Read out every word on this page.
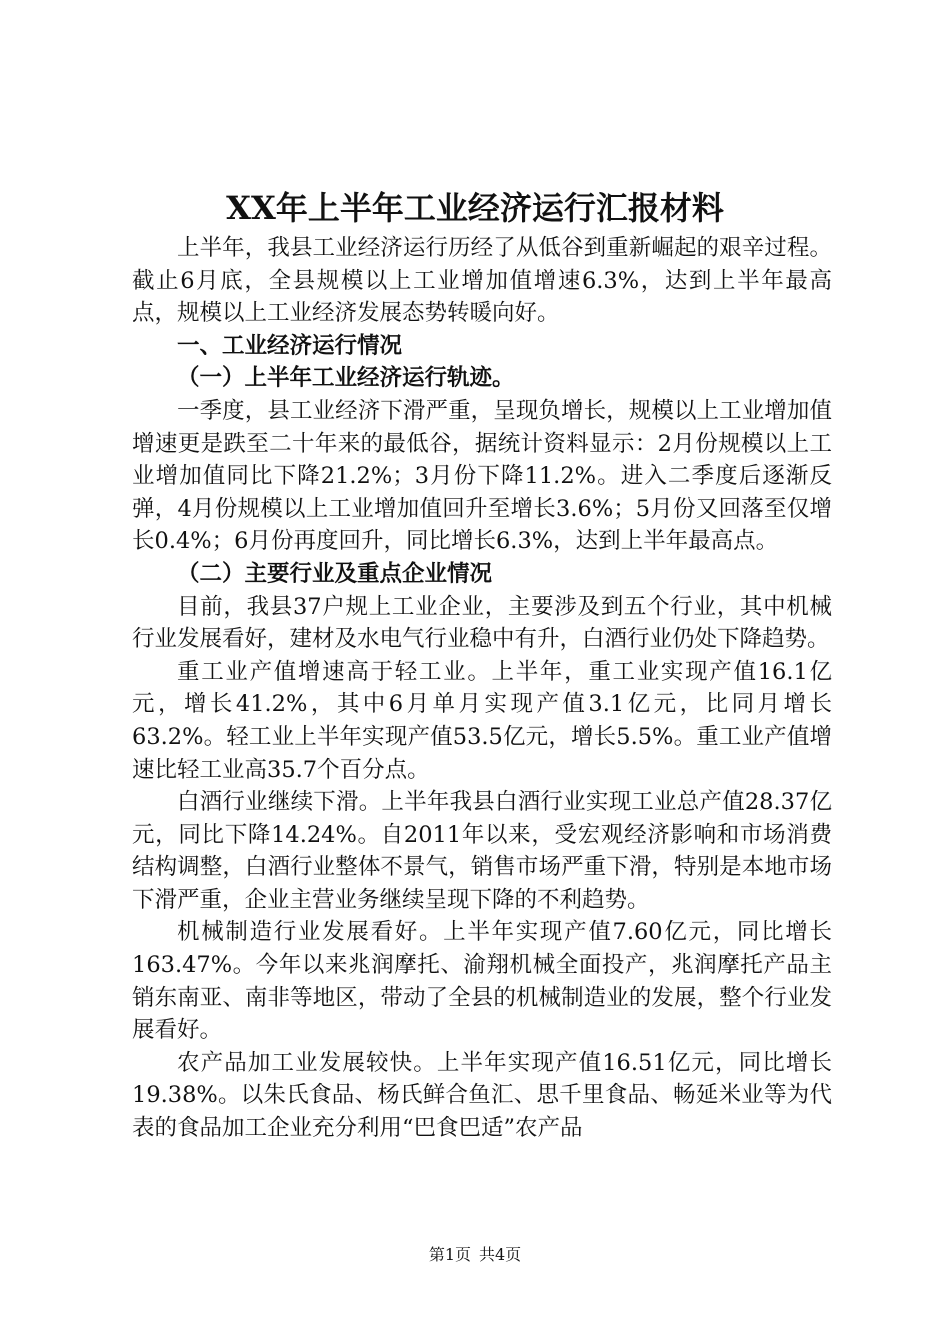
XX年上半年工业经济运行汇报材料

上半年，我县工业经济运行历经了从低谷到重新崛起的艰辛过程。截止6月底，全县规模以上工业增加值增速6.3%，达到上半年最高点，规模以上工业经济发展态势转暖向好。

一、工业经济运行情况

（一）上半年工业经济运行轨迹。

一季度，县工业经济下滑严重，呈现负增长，规模以上工业增加值增速更是跌至二十年来的最低谷，据统计资料显示：2月份规模以上工业增加值同比下降21.2%；3月份下降11.2%。进入二季度后逐渐反弹，4月份规模以上工业增加值回升至增长3.6%；5月份又回落至仅增长0.4%；6月份再度回升，同比增长6.3%，达到上半年最高点。

（二）主要行业及重点企业情况

目前，我县37户规上工业企业，主要涉及到五个行业，其中机械行业发展看好，建材及水电气行业稳中有升，白酒行业仍处下降趋势。

重工业产值增速高于轻工业。上半年，重工业实现产值16.1亿元，增长41.2%，其中6月单月实现产值3.1亿元，比同月增长63.2%。轻工业上半年实现产值53.5亿元，增长5.5%。重工业产值增速比轻工业高35.7个百分点。

白酒行业继续下滑。上半年我县白酒行业实现工业总产值28.37亿元，同比下降14.24%。自2011年以来，受宏观经济影响和市场消费结构调整，白酒行业整体不景气，销售市场严重下滑，特别是本地市场下滑严重，企业主营业务继续呈现下降的不利趋势。

机械制造行业发展看好。上半年实现产值7.60亿元，同比增长163.47%。今年以来兆润摩托、渝翔机械全面投产，兆润摩托产品主销东南亚、南非等地区，带动了全县的机械制造业的发展，整个行业发展看好。

农产品加工业发展较快。上半年实现产值16.51亿元，同比增长19.38%。以朱氏食品、杨氏鲜合鱼汇、思千里食品、畅延米业等为代表的食品加工企业充分利用“巴食巴适”农产品

第1页 共4页
